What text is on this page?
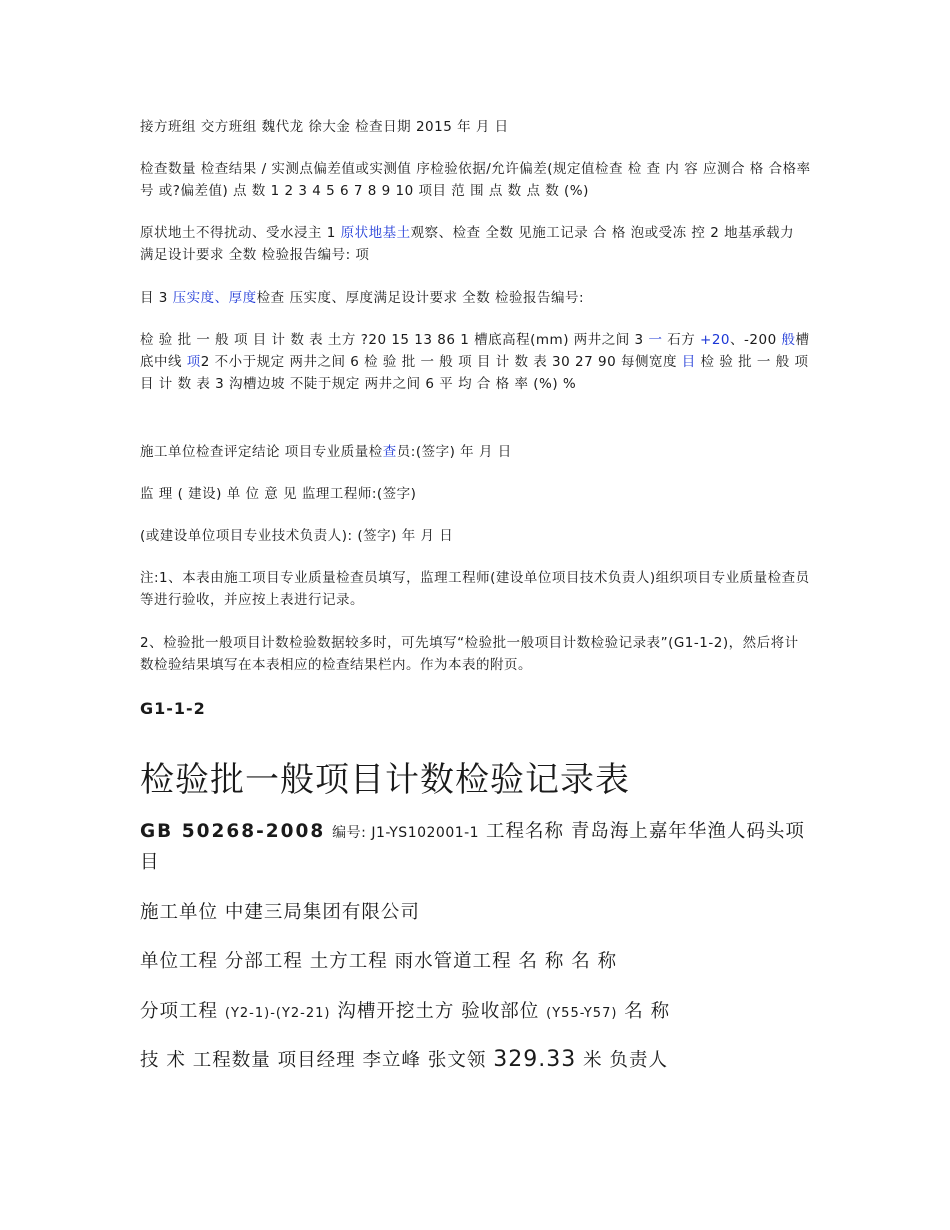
接方班组 交方班组 魏代龙 徐大金 检查日期 2015 年 月 日
检查数量 检查结果 / 实测点偏差值或实测值 序检验依据/允许偏差(规定值检查 检 查 内 容 应测合 格 合格率 号 或?偏差值) 点 数 1 2 3 4 5 6 7 8 9 10 项目 范 围 点 数 点 数 (%)
原状地土不得扰动、受水浸主 1 原状地基土观察、检查 全数 见施工记录 合 格 泡或受冻 控 2 地基承载力 满足设计要求 全数 检验报告编号: 项
目 3 压实度、厚度检查 压实度、厚度满足设计要求 全数 检验报告编号:
检 验 批 一 般 项 目 计 数 表 土方 ?20 15 13 86 1 槽底高程(mm) 两井之间 3 一 石方 +20、-200 般槽底中线 项2 不小于规定 两井之间 6 检 验 批 一 般 项 目 计 数 表 30 27 90 每侧宽度 目 检 验 批 一 般 项 目 计 数 表 3 沟槽边坡 不陡于规定 两井之间 6 平 均 合 格 率 (%) %
施工单位检查评定结论 项目专业质量检查员:(签字) 年 月 日
监 理 ( 建设) 单 位 意 见 监理工程师:(签字)
(或建设单位项目专业技术负责人): (签字) 年 月 日
注:1、本表由施工项目专业质量检查员填写，监理工程师(建设单位项目技术负责人)组织项目专业质量检查员等进行验收，并应按上表进行记录。
2、检验批一般项目计数检验数据较多时，可先填写“检验批一般项目计数检验记录表”(G1-1-2)，然后将计数检验结果填写在本表相应的检查结果栏内。作为本表的附页。
G1-1-2
检验批一般项目计数检验记录表
GB 50268-2008 编号: J1-YS102001-1 工程名称 青岛海上嘉年华渔人码头项目
施工单位 中建三局集团有限公司
单位工程 分部工程 土方工程 雨水管道工程 名 称 名 称
分项工程 (Y2-1)-(Y2-21) 沟槽开挖土方 验收部位 (Y55-Y57) 名 称
技 术 工程数量 项目经理 李立峰 张文领 329.33 米 负责人
